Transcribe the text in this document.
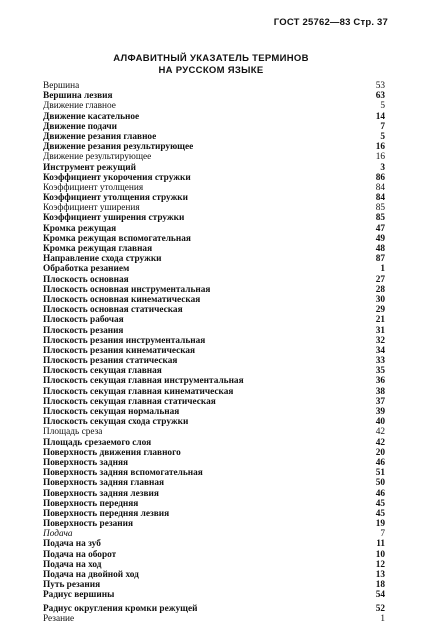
ГОСТ 25762—83 Стр. 37
АЛФАВИТНЫЙ УКАЗАТЕЛЬ ТЕРМИНОВ
НА РУССКОМ ЯЗЫКЕ
Вершина	53
Вершина лезвия	63
Движение главное	5
Движение касательное	14
Движение подачи	7
Движение резания главное	5
Движение резания результирующее	16
Движение результирующее	16
Инструмент режущий	3
Коэффициент укорочения стружки	86
Коэффициент утолщения	84
Коэффициент утолщения стружки	84
Коэффициент уширения	85
Коэффициент уширения стружки	85
Кромка режущая	47
Кромка режущая вспомогательная	49
Кромка режущая главная	48
Направление схода стружки	87
Обработка резанием	1
Плоскость основная	27
Плоскость основная инструментальная	28
Плоскость основная кинематическая	30
Плоскость основная статическая	29
Плоскость рабочая	21
Плоскость резания	31
Плоскость резания инструментальная	32
Плоскость резания кинематическая	34
Плоскость резания статическая	33
Плоскость секущая главная	35
Плоскость секущая главная инструментальная	36
Плоскость секущая главная кинематическая	38
Плоскость секущая главная статическая	37
Плоскость секущая нормальная	39
Плоскость секущая схода стружки	40
Площадь среза	42
Площадь срезаемого слоя	42
Поверхность движения главного	20
Поверхность задняя	46
Поверхность задняя вспомогательная	51
Поверхность задняя главная	50
Поверхность задняя лезвия	46
Поверхность передняя	45
Поверхность передняя лезвия	45
Поверхность резания	19
Подача	7
Подача на зуб	11
Подача на оборот	10
Подача на ход	12
Подача на двойной ход	13
Путь резания	18
Радиус вершины	54
Радиус округления кромки режущей	52
Резание	1
